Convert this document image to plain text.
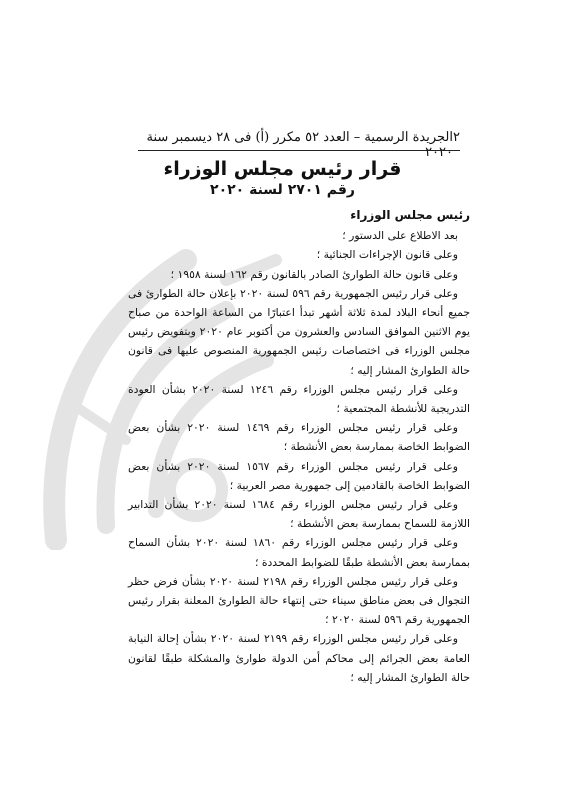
٢
الجريدة الرسمية – العدد ٥٢ مكرر (أ) فى ٢٨ ديسمبر سنة ٢٠٢٠
قرار رئيس مجلس الوزراء
رقم ٢٧٠١ لسنة ٢٠٢٠
رئيس مجلس الوزراء

بعد الاطلاع على الدستور ؛

وعلى قانون الإجراءات الجنائية ؛

وعلى قانون حالة الطوارئ الصادر بالقانون رقم ١٦٢ لسنة ١٩٥٨ ؛

وعلى قرار رئيس الجمهورية رقم ٥٩٦ لسنة ٢٠٢٠ بإعلان حالة الطوارئ فى جميع أنحاء البلاد لمدة ثلاثة أشهر تبدأ اعتبارًا من الساعة الواحدة من صباح يوم الاثنين الموافق السادس والعشرون من أكتوبر عام ٢٠٢٠ وبتفويض رئيس مجلس الوزراء فى اختصاصات رئيس الجمهورية المنصوص عليها فى قانون حالة الطوارئ المشار إليه ؛

وعلى قرار رئيس مجلس الوزراء رقم ١٢٤٦ لسنة ٢٠٢٠ بشأن العودة التدريجية للأنشطة المجتمعية ؛

وعلى قرار رئيس مجلس الوزراء رقم ١٤٦٩ لسنة ٢٠٢٠ بشأن بعض الضوابط الخاصة بممارسة بعض الأنشطة ؛

وعلى قرار رئيس مجلس الوزراء رقم ١٥٦٧ لسنة ٢٠٢٠ بشأن بعض الضوابط الخاصة بالقادمين إلى جمهورية مصر العربية ؛

وعلى قرار رئيس مجلس الوزراء رقم ١٦٨٤ لسنة ٢٠٢٠ بشأن التدابير اللازمة للسماح بممارسة بعض الأنشطة ؛

وعلى قرار رئيس مجلس الوزراء رقم ١٨٦٠ لسنة ٢٠٢٠ بشأن السماح بممارسة بعض الأنشطة طبقًا للضوابط المحددة ؛

وعلى قرار رئيس مجلس الوزراء رقم ٢١٩٨ لسنة ٢٠٢٠ بشأن فرض حظر التجوال فى بعض مناطق سيناء حتى إنتهاء حالة الطوارئ المعلنة بقرار رئيس الجمهورية رقم ٥٩٦ لسنة ٢٠٢٠ ؛

وعلى قرار رئيس مجلس الوزراء رقم ٢١٩٩ لسنة ٢٠٢٠ بشأن إحالة النيابة العامة بعض الجرائم إلى محاكم أمن الدولة طوارئ والمشكلة طبقًا لقانون حالة الطوارئ المشار إليه ؛
